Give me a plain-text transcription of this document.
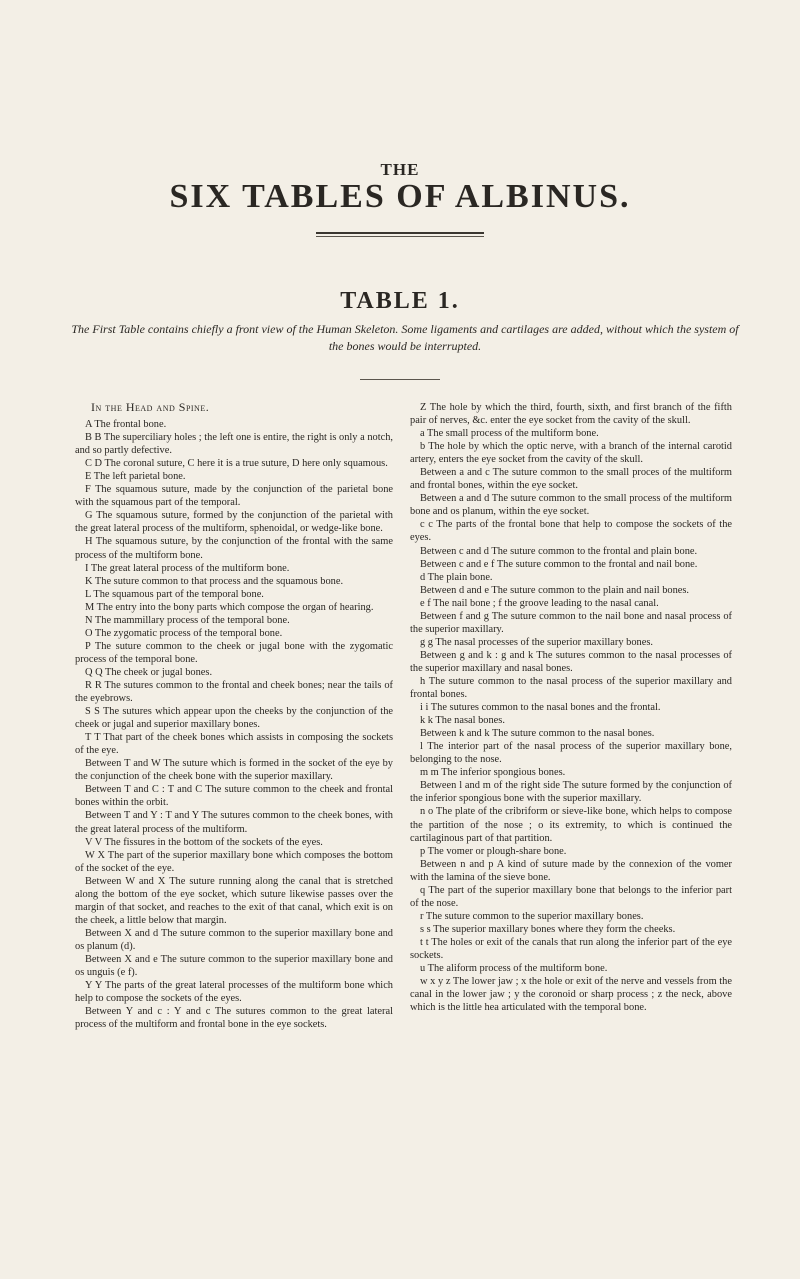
THE
SIX TABLES OF ALBINUS.
TABLE 1.
The First Table contains chiefly a front view of the Human Skeleton. Some ligaments and cartilages are added, without which the system of the bones would be interrupted.

In the Head and Spine.

A The frontal bone.

B B The superciliary holes ; the left one is entire, the right is only a notch, and so partly defective.

C D The coronal suture, C here it is a true suture, D here only squamous.

E The left parietal bone.

F The squamous suture, made by the conjunction of the parietal bone with the squamous part of the temporal.

G The squamous suture, formed by the conjunction of the parietal with the great lateral process of the multiform, sphenoidal, or wedge-like bone.

H The squamous suture, by the conjunction of the frontal with the same process of the multiform bone.

I The great lateral process of the multiform bone.

K The suture common to that process and the squamous bone.

L The squamous part of the temporal bone.

M The entry into the bony parts which compose the organ of hearing.

N The mammillary process of the temporal bone.

O The zygomatic process of the temporal bone.

P The suture common to the cheek or jugal bone with the zygomatic process of the temporal bone.

Q Q The cheek or jugal bones.

R R The sutures common to the frontal and cheek bones; near the tails of the eyebrows.

S S The sutures which appear upon the cheeks by the conjunction of the cheek or jugal and superior maxillary bones.

T T That part of the cheek bones which assists in composing the sockets of the eye.

Between T and W The suture which is formed in the socket of the eye by the conjunction of the cheek bone with the superior maxillary.

Between T and C : T and C The suture common to the cheek and frontal bones within the orbit.

Between T and Y : T and Y The sutures common to the cheek bones, with the great lateral process of the multiform.

V V The fissures in the bottom of the sockets of the eyes.

W X The part of the superior maxillary bone which composes the bottom of the socket of the eye.

Between W and X The suture running along the canal that is stretched along the bottom of the eye socket, which suture likewise passes over the margin of that socket, and reaches to the exit of that canal, which exit is on the cheek, a little below that margin.

Between X and d The suture common to the superior maxillary bone and os planum (d).

Between X and e The suture common to the superior maxillary bone and os unguis (e f).

Y Y The parts of the great lateral processes of the multiform bone which help to compose the sockets of the eyes.

Between Y and c : Y and c The sutures common to the great lateral process of the multiform and frontal bone in the eye sockets.

Z The hole by which the third, fourth, sixth, and first branch of the fifth pair of nerves, &c. enter the eye socket from the cavity of the skull.

a The small process of the multiform bone.

b The hole by which the optic nerve, with a branch of the internal carotid artery, enters the eye socket from the cavity of the skull.

Between a and c The suture common to the small proces of the multiform and frontal bones, within the eye socket.

Between a and d The suture common to the small process of the multiform bone and os planum, within the eye socket.

c c The parts of the frontal bone that help to compose the sockets of the eyes.

Between c and d The suture common to the frontal and plain bone.

Between c and e f The suture common to the frontal and nail bone.

d The plain bone.

Between d and e The suture common to the plain and nail bones.

e f The nail bone ; f the groove leading to the nasal canal.

Between f and g The suture common to the nail bone and nasal process of the superior maxillary.

g g The nasal processes of the superior maxillary bones.

Between g and k : g and k The sutures common to the nasal processes of the superior maxillary and nasal bones.

h The suture common to the nasal process of the superior maxillary and frontal bones.

i i The sutures common to the nasal bones and the frontal.

k k The nasal bones.

Between k and k The suture common to the nasal bones.

l The interior part of the nasal process of the superior maxillary bone, belonging to the nose.

m m The inferior spongious bones.

Between l and m of the right side The suture formed by the conjunction of the inferior spongious bone with the superior maxillary.

n o The plate of the cribriform or sieve-like bone, which helps to compose the partition of the nose ; o its extremity, to which is continued the cartilaginous part of that partition.

p The vomer or plough-share bone.

Between n and p A kind of suture made by the connexion of the vomer with the lamina of the sieve bone.

q The part of the superior maxillary bone that belongs to the inferior part of the nose.

r The suture common to the superior maxillary bones.

s s The superior maxillary bones where they form the cheeks.

t t The holes or exit of the canals that run along the inferior part of the eye sockets.

u The aliform process of the multiform bone.

w x y z The lower jaw ; x the hole or exit of the nerve and vessels from the canal in the lower jaw ; y the coronoid or sharp process ; z the neck, above which is the little hea articulated with the temporal bone.
